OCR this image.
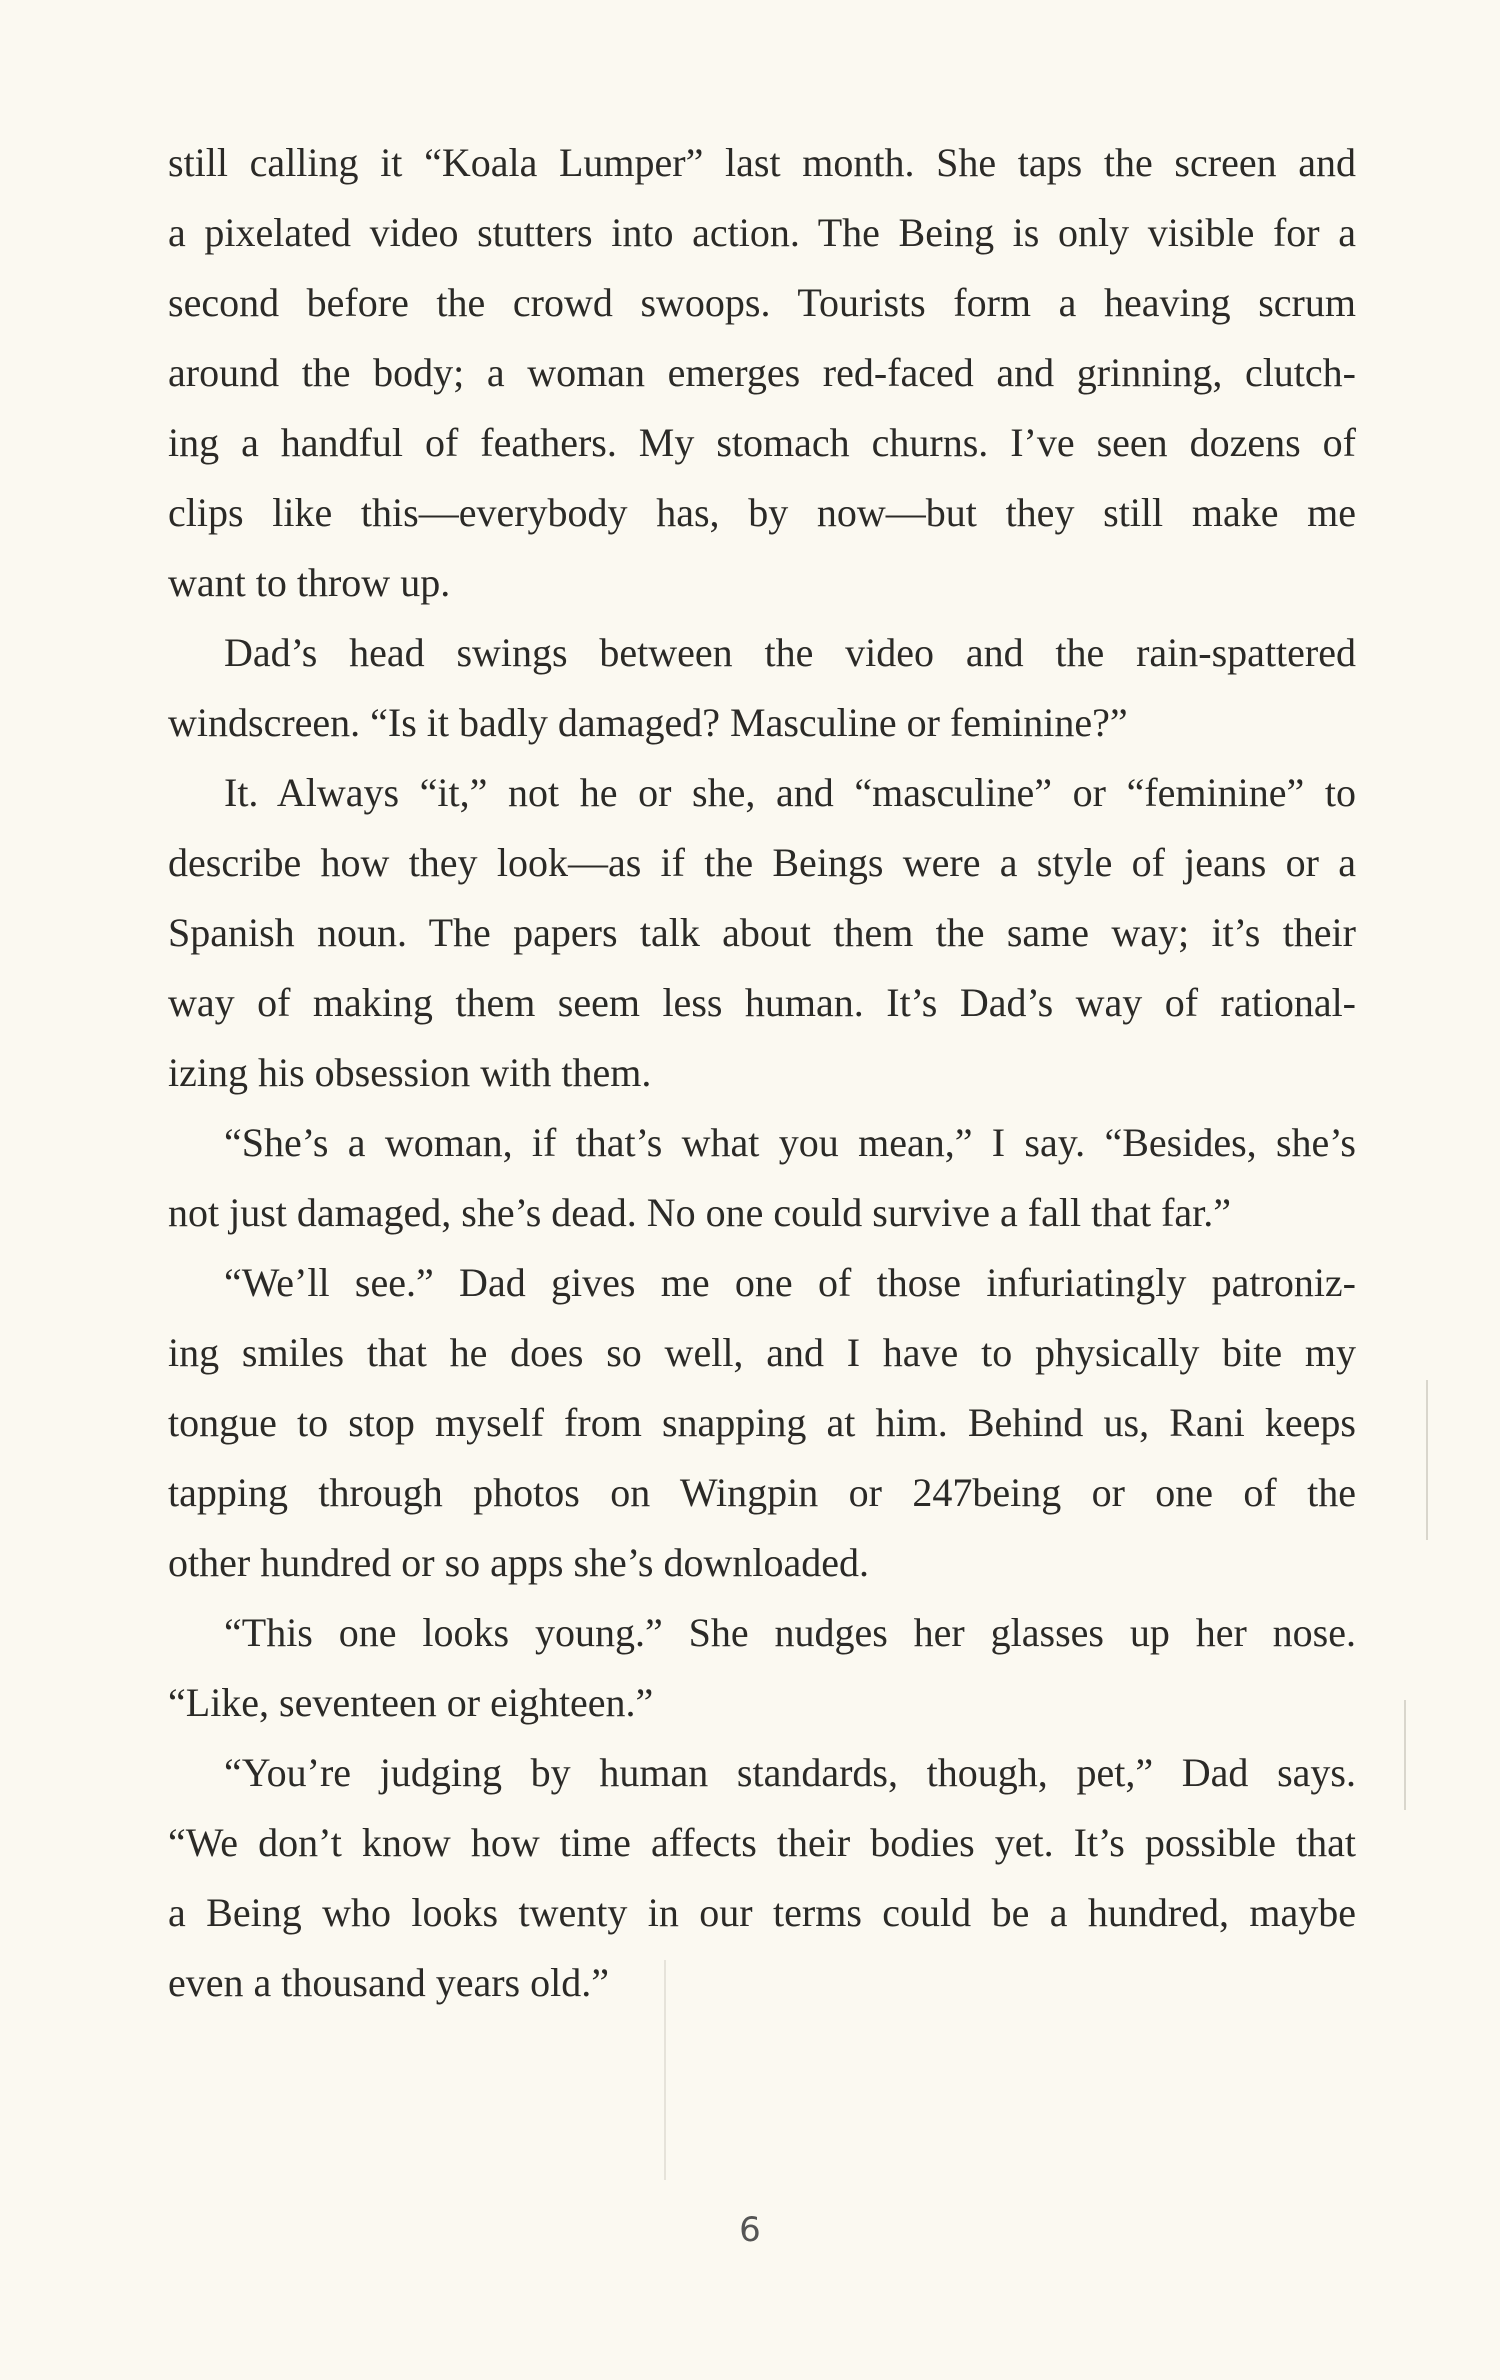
still calling it “Koala Lumper” last month. She taps the screen and
a pixelated video stutters into action. The Being is only visible for a
second before the crowd swoops. Tourists form a heaving scrum
around the body; a woman emerges red-faced and grinning, clutch-
ing a handful of feathers. My stomach churns. I’ve seen dozens of
clips like this—everybody has, by now—but they still make me
want to throw up.
Dad’s head swings between the video and the rain-spattered
windscreen. “Is it badly damaged? Masculine or feminine?”
It. Always “it,” not he or she, and “masculine” or “feminine” to
describe how they look—as if the Beings were a style of jeans or a
Spanish noun. The papers talk about them the same way; it’s their
way of making them seem less human. It’s Dad’s way of rational-
izing his obsession with them.
“She’s a woman, if that’s what you mean,” I say. “Besides, she’s
not just damaged, she’s dead. No one could survive a fall that far.”
“We’ll see.” Dad gives me one of those infuriatingly patroniz-
ing smiles that he does so well, and I have to physically bite my
tongue to stop myself from snapping at him. Behind us, Rani keeps
tapping through photos on Wingpin or 247being or one of the
other hundred or so apps she’s downloaded.
“This one looks young.” She nudges her glasses up her nose.
“Like, seventeen or eighteen.”
“You’re judging by human standards, though, pet,” Dad says.
“We don’t know how time affects their bodies yet. It’s possible that
a Being who looks twenty in our terms could be a hundred, maybe
even a thousand years old.”
6
